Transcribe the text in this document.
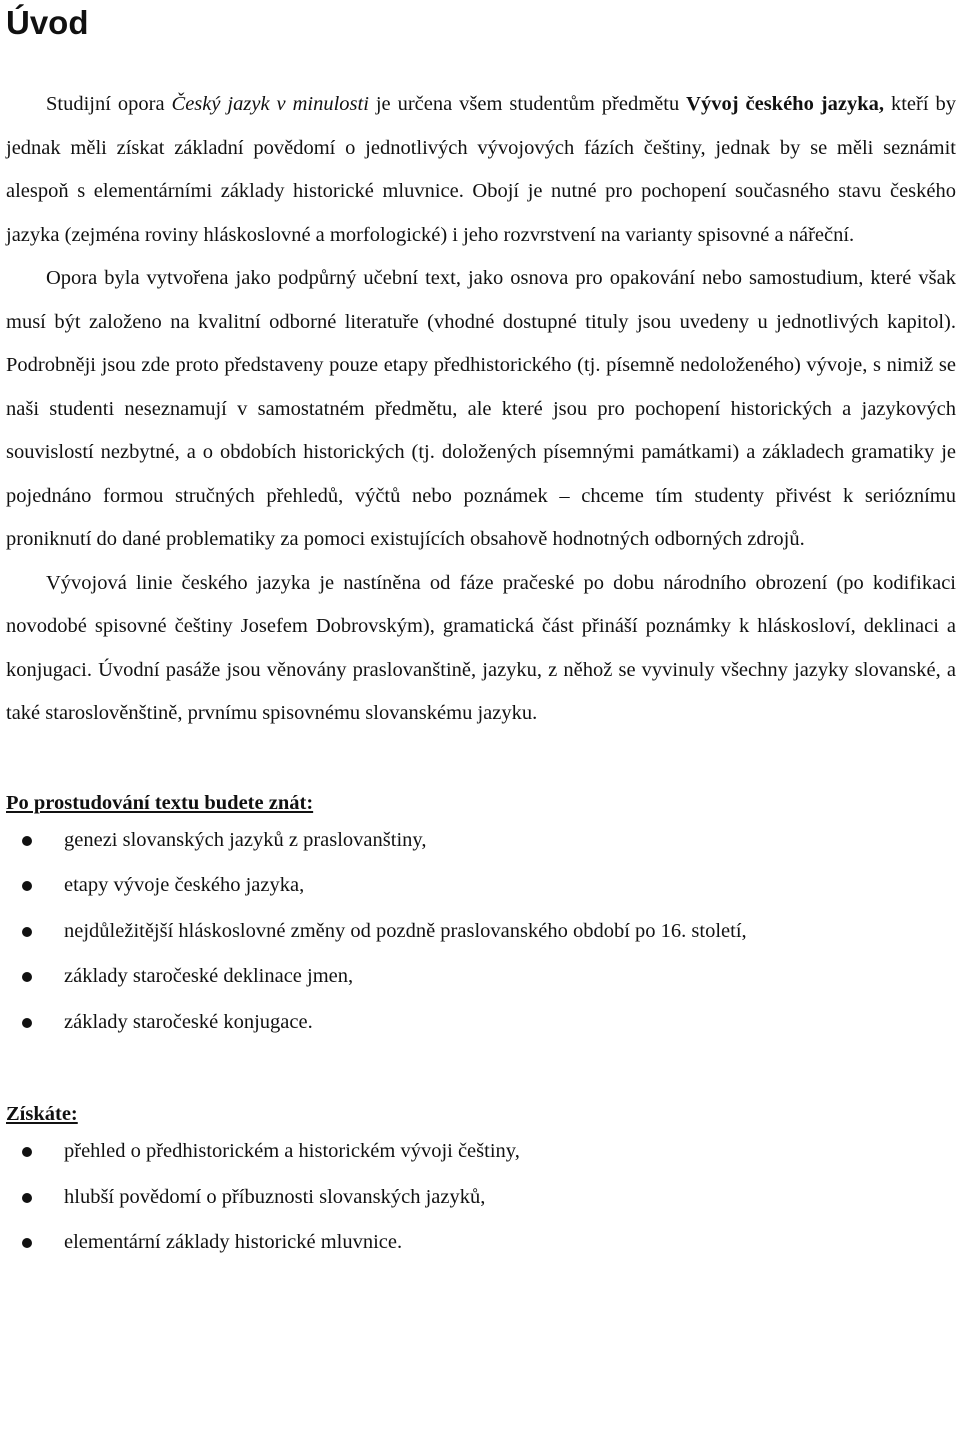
Úvod

Studijní opora Český jazyk v minulosti je určena všem studentům předmětu Vývoj českého jazyka, kteří by jednak měli získat základní povědomí o jednotlivých vývojových fázích češtiny, jednak by se měli seznámit alespoň s elementárními základy historické mluvnice. Obojí je nutné pro pochopení současného stavu českého jazyka (zejména roviny hláskoslovné a morfologické) i jeho rozvrstvení na varianty spisovné a nářeční.

Opora byla vytvořena jako podpůrný učební text, jako osnova pro opakování nebo samostudium, které však musí být založeno na kvalitní odborné literatuře (vhodné dostupné tituly jsou uvedeny u jednotlivých kapitol). Podrobněji jsou zde proto představeny pouze etapy předhistorického (tj. písemně nedoloženého) vývoje, s nimiž se naši studenti neseznamují v samostatném předmětu, ale které jsou pro pochopení historických a jazykových souvislostí nezbytné, a o obdobích historických (tj. doložených písemnými památkami) a základech gramatiky je pojednáno formou stručných přehledů, výčtů nebo poznámek – chceme tím studenty přivést k serióznímu proniknutí do dané problematiky za pomoci existujících obsahově hodnotných odborných zdrojů.

Vývojová linie českého jazyka je nastíněna od fáze pračeské po dobu národního obrození (po kodifikaci novodobé spisovné češtiny Josefem Dobrovským), gramatická část přináší poznámky k hláskosloví, deklinaci a konjugaci. Úvodní pasáže jsou věnovány praslovanštině, jazyku, z něhož se vyvinuly všechny jazyky slovanské, a také staroslověnštině, prvnímu spisovnému slovanskému jazyku.

Po prostudování textu budete znát:

genezi slovanských jazyků z praslovanštiny,
etapy vývoje českého jazyka,
nejdůležitější hláskoslovné změny od pozdně praslovanského období po 16. století,
základy staročeské deklinace jmen,
základy staročeské konjugace.

Získáte:

přehled o předhistorickém a historickém vývoji češtiny,
hlubší povědomí o příbuznosti slovanských jazyků,
elementární základy historické mluvnice.
